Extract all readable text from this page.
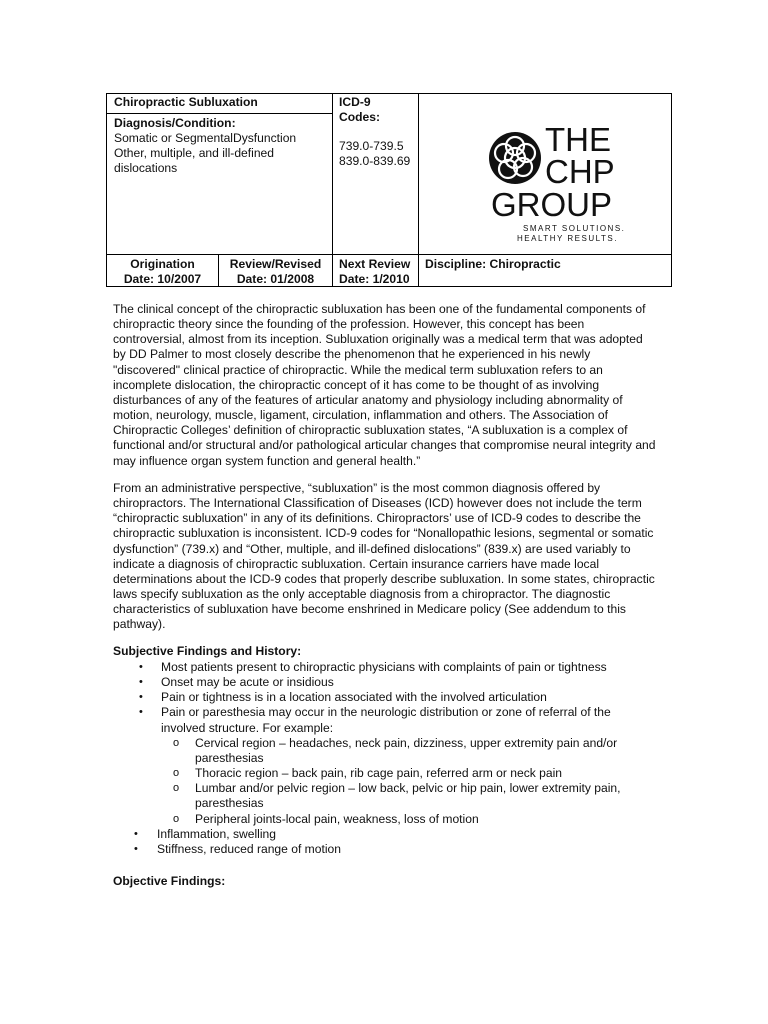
Chiropractic Subluxation
Diagnosis/Condition:
Somatic or SegmentalDysfunction
Other, multiple, and ill-defined
dislocations
ICD-9
Codes:
739.0-739.5
839.0-839.69
THE
CHP
GROUP
SMART SOLUTIONS.
HEALTHY RESULTS.
Origination
Date: 10/2007
Review/Revised
Date: 01/2008
Next Review
Date: 1/2010
Discipline: Chiropractic

The clinical concept of the chiropractic subluxation has been one of the fundamental components of chiropractic theory since the founding of the profession. However, this concept has been controversial, almost from its inception. Subluxation originally was a medical term that was adopted by DD Palmer to most closely describe the phenomenon that he experienced in his newly "discovered" clinical practice of chiropractic. While the medical term subluxation refers to an incomplete dislocation, the chiropractic concept of it has come to be thought of as involving disturbances of any of the features of articular anatomy and physiology including abnormality of motion, neurology, muscle, ligament, circulation, inflammation and others. The Association of Chiropractic Colleges’ definition of chiropractic subluxation states, “A subluxation is a complex of functional and/or structural and/or pathological articular changes that compromise neural integrity and may influence organ system function and general health.”

From an administrative perspective, “subluxation” is the most common diagnosis offered by chiropractors. The International Classification of Diseases (ICD) however does not include the term “chiropractic subluxation” in any of its definitions. Chiropractors’ use of ICD-9 codes to describe the chiropractic subluxation is inconsistent. ICD-9 codes for “Nonallopathic lesions, segmental or somatic dysfunction” (739.x) and “Other, multiple, and ill-defined dislocations” (839.x) are used variably to indicate a diagnosis of chiropractic subluxation. Certain insurance carriers have made local determinations about the ICD-9 codes that properly describe subluxation. In some states, chiropractic laws specify subluxation as the only acceptable diagnosis from a chiropractor. The diagnostic characteristics of subluxation have become enshrined in Medicare policy (See addendum to this pathway).

Subjective Findings and History:
• Most patients present to chiropractic physicians with complaints of pain or tightness
• Onset may be acute or insidious
• Pain or tightness is in a location associated with the involved articulation
• Pain or paresthesia may occur in the neurologic distribution or zone of referral of the involved structure. For example:
o Cervical region – headaches, neck pain, dizziness, upper extremity pain and/or paresthesias
o Thoracic region – back pain, rib cage pain, referred arm or neck pain
o Lumbar and/or pelvic region – low back, pelvic or hip pain, lower extremity pain, paresthesias
o Peripheral joints-local pain, weakness, loss of motion
• Inflammation, swelling
• Stiffness, reduced range of motion
Objective Findings:
